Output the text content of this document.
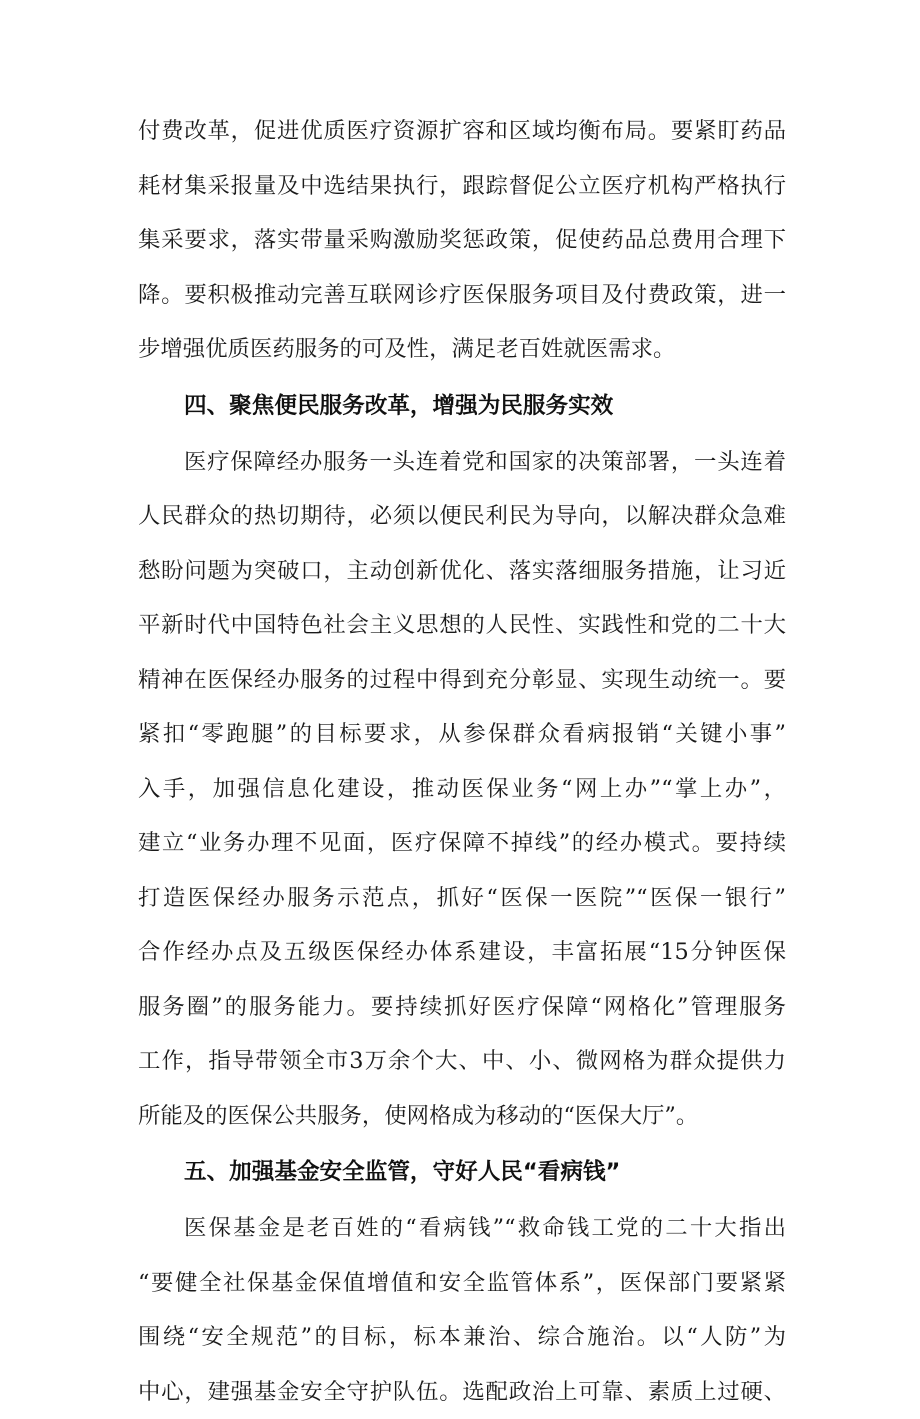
付费改革，促进优质医疗资源扩容和区域均衡布局。要紧盯药品
耗材集采报量及中选结果执行，跟踪督促公立医疗机构严格执行
集采要求，落实带量采购激励奖惩政策，促使药品总费用合理下
降。要积极推动完善互联网诊疗医保服务项目及付费政策，进一
步增强优质医药服务的可及性，满足老百姓就医需求。
四、聚焦便民服务改革，增强为民服务实效
医疗保障经办服务一头连着党和国家的决策部署，一头连着
人民群众的热切期待，必须以便民利民为导向，以解决群众急难
愁盼问题为突破口，主动创新优化、落实落细服务措施，让习近
平新时代中国特色社会主义思想的人民性、实践性和党的二十大
精神在医保经办服务的过程中得到充分彰显、实现生动统一。要
紧扣“零跑腿”的目标要求，从参保群众看病报销“关键小事”
入手，加强信息化建设，推动医保业务“网上办”“掌上办”，
建立“业务办理不见面，医疗保障不掉线”的经办模式。要持续
打造医保经办服务示范点，抓好“医保一医院”“医保一银行”
合作经办点及五级医保经办体系建设，丰富拓展“15分钟医保
服务圈”的服务能力。要持续抓好医疗保障“网格化”管理服务
工作，指导带领全市3万余个大、中、小、微网格为群众提供力
所能及的医保公共服务，使网格成为移动的“医保大厅”。
五、加强基金安全监管，守好人民“看病钱”
医保基金是老百姓的“看病钱”“救命钱工党的二十大指出
“要健全社保基金保值增值和安全监管体系”，医保部门要紧紧
围绕“安全规范”的目标，标本兼治、综合施治。以“人防”为
中心，建强基金安全守护队伍。选配政治上可靠、素质上过硬、
